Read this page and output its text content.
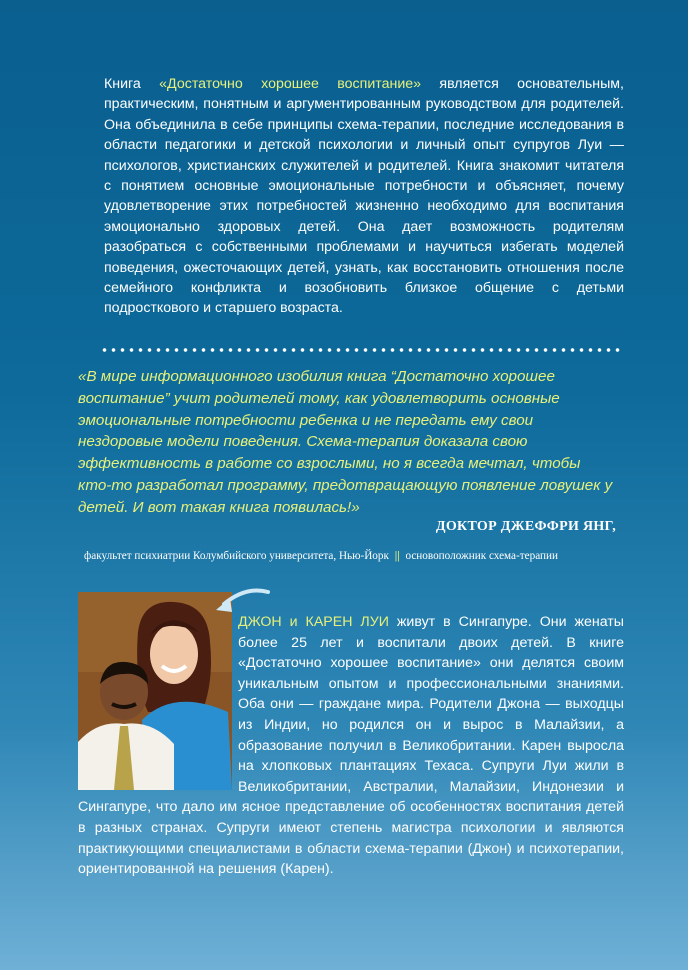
Книга «Достаточно хорошее воспитание» является основательным, практическим, понятным и аргументированным руководством для родителей. Она объединила в себе принципы схема-терапии, последние исследования в области педагогики и детской психологии и личный опыт супругов Луи — психологов, христианских служителей и родителей. Книга знакомит читателя с понятием основные эмоциональные потребности и объясняет, почему удовлетворение этих потребностей жизненно необходимо для воспитания эмоционально здоровых детей. Она дает возможность родителям разобраться с собственными проблемами и научиться избегать моделей поведения, ожесточающих детей, узнать, как восстановить отношения после семейного конфликта и возобновить близкое общение с детьми подросткового и старшего возраста.

«В мире информационного изобилия книга “Достаточно хорошее воспитание” учит родителей тому, как удовлетворить основные эмоциональные потребности ребенка и не передать ему свои нездоровые модели поведения. Схема-терапия доказала свою эффективность в работе со взрослыми, но я всегда мечтал, чтобы кто-то разработал программу, предотвращающую появление ловушек у детей. И вот такая книга появилась!»

ДОКТОР ДЖЕФФРИ ЯНГ,

факультет психиатрии Колумбийского университета, Нью-Йорк || основоположник схема-терапии

ДЖОН и КАРЕН ЛУИ живут в Сингапуре. Они женаты более 25 лет и воспитали двоих детей. В книге «Достаточно хорошее воспитание» они делятся своим уникальным опытом и профессиональными знаниями. Оба они — граждане мира. Родители Джона — выходцы из Индии, но родился он и вырос в Малайзии, а образование получил в Великобритании. Карен выросла на хлопковых плантациях Техаса. Супруги Луи жили в Великобритании, Австралии, Малайзии, Индонезии и Сингапуре, что дало им ясное представление об особенностях воспитания детей в разных странах. Супруги имеют степень магистра психологии и являются практикующими специалистами в области схема-терапии (Джон) и психотерапии, ориентированной на решения (Карен).
